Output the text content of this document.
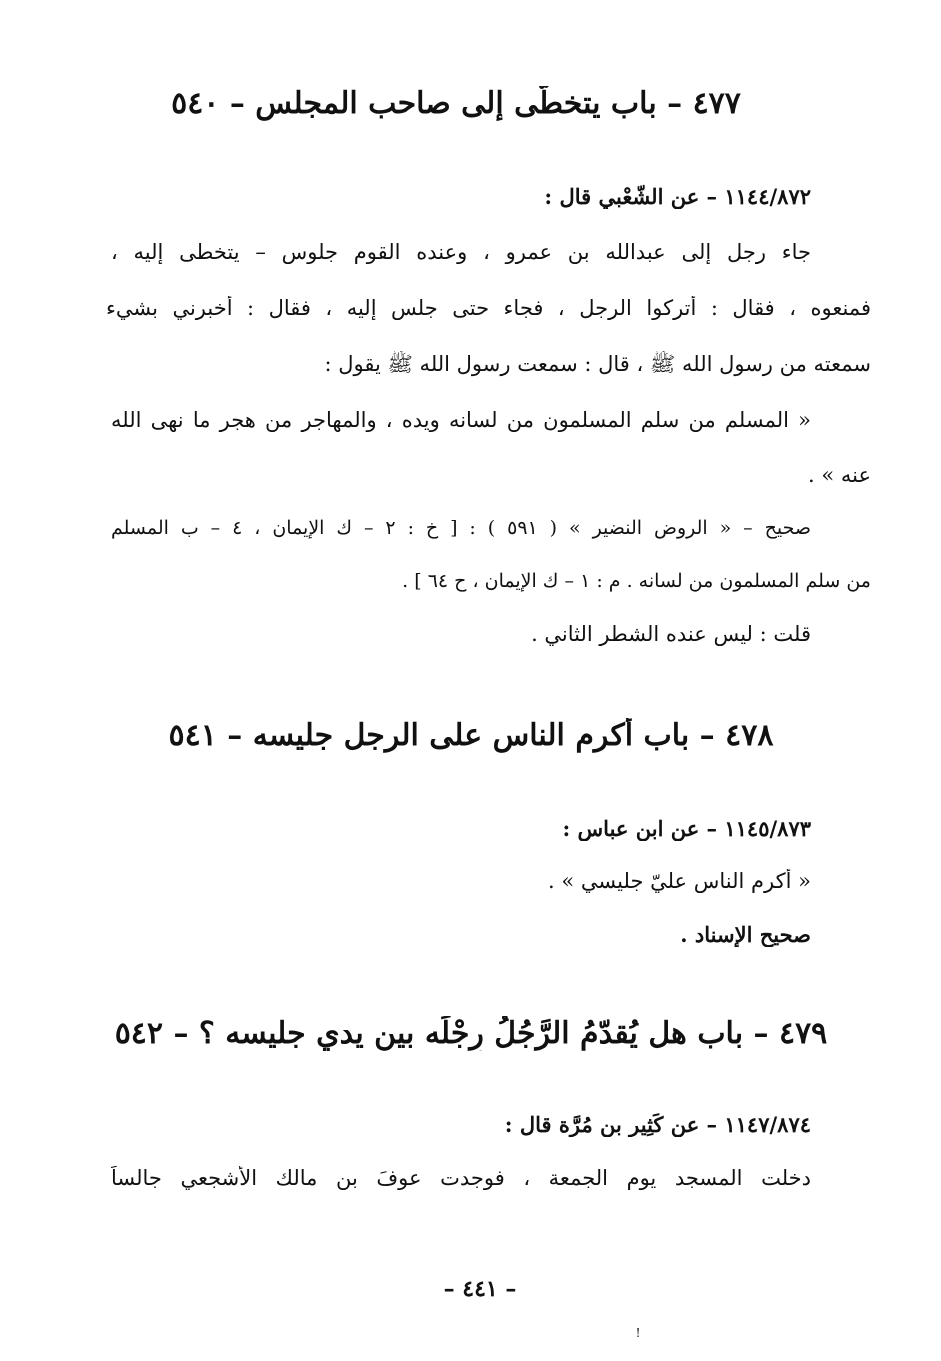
٤٧٧ – باب يتخطّى إلى صاحب المجلس – ٥٤٠
١١٤٤/٨٧٢ – عن الشّعْبي قال :
جاء رجل إلى عبدالله بن عمرو ، وعنده القوم جلوس – يتخطى إليه ،
فمنعوه ، فقال : أتركوا الرجل ، فجاء حتى جلس إليه ، فقال : أخبرني بشيء
سمعته من رسول الله ﷺ ، قال : سمعت رسول الله ﷺ يقول :
« المسلم من سلم المسلمون من لسانه ويده ، والمهاجر من هجر ما نهى الله
عنه » .
صحيح – « الروض النضير » ( ٥٩١ ) : [ خ : ٢ – ك الإيمان ، ٤ – ب المسلم
من سلم المسلمون من لسانه . م : ١ – ك الإيمان ، ح ٦٤ ] .
قلت : ليس عنده الشطر الثاني .
٤٧٨ – باب أكرم الناس على الرجل جليسه – ٥٤١
١١٤٥/٨٧٣ – عن ابن عباس :
« أكرم الناس عليّ جليسي » .
صحيح الإسناد .
٤٧٩ – باب هل يُقدّمُ الرَّجُلُ رِجْلَه بين يدي جليسه ؟ – ٥٤٢
١١٤٧/٨٧٤ – عن كَثِير بن مُرَّة قال :
دخلت المسجد يوم الجمعة ، فوجدت عوفَ بن مالك الأشجعي جالساً
– ٤٤١ –
!
